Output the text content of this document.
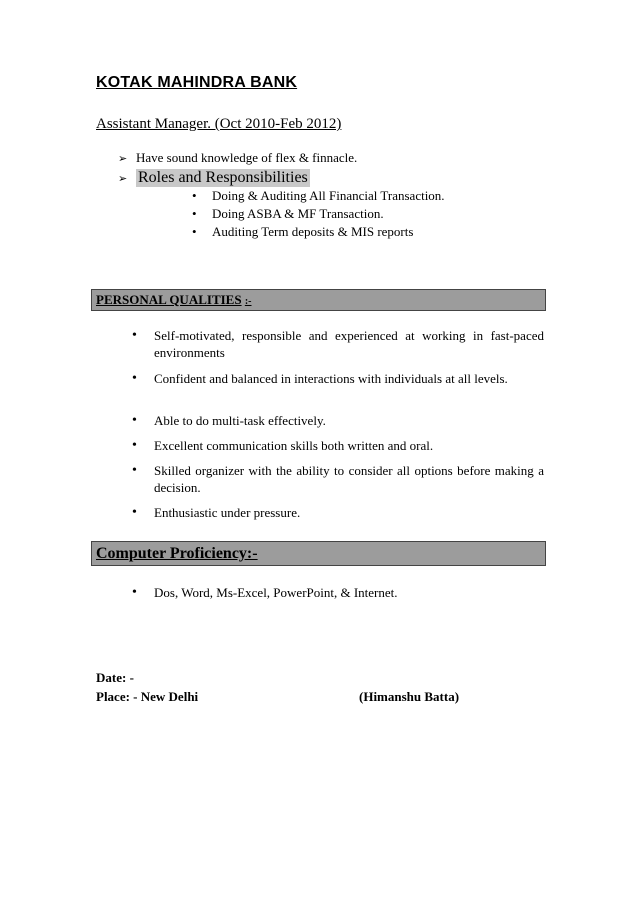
KOTAK MAHINDRA BANK
Assistant Manager. (Oct 2010-Feb 2012)
➢ Have sound knowledge of flex & finnacle.
➢ Roles and Responsibilities
•	Doing & Auditing All Financial Transaction.
•	Doing ASBA & MF Transaction.
•	Auditing Term deposits & MIS reports
PERSONAL QUALITIES :-
•	Self-motivated, responsible and experienced at working in fast-paced environments
•	Confident and balanced in interactions with individuals at all levels.
•	Able to do multi-task effectively.
•	Excellent communication skills both written and oral.
•	Skilled organizer with the ability to consider all options before making a decision.
•	Enthusiastic under pressure.
Computer Proficiency:-
•	Dos, Word, Ms-Excel, PowerPoint, & Internet.
Date: -
Place: - New Delhi	(Himanshu Batta)
